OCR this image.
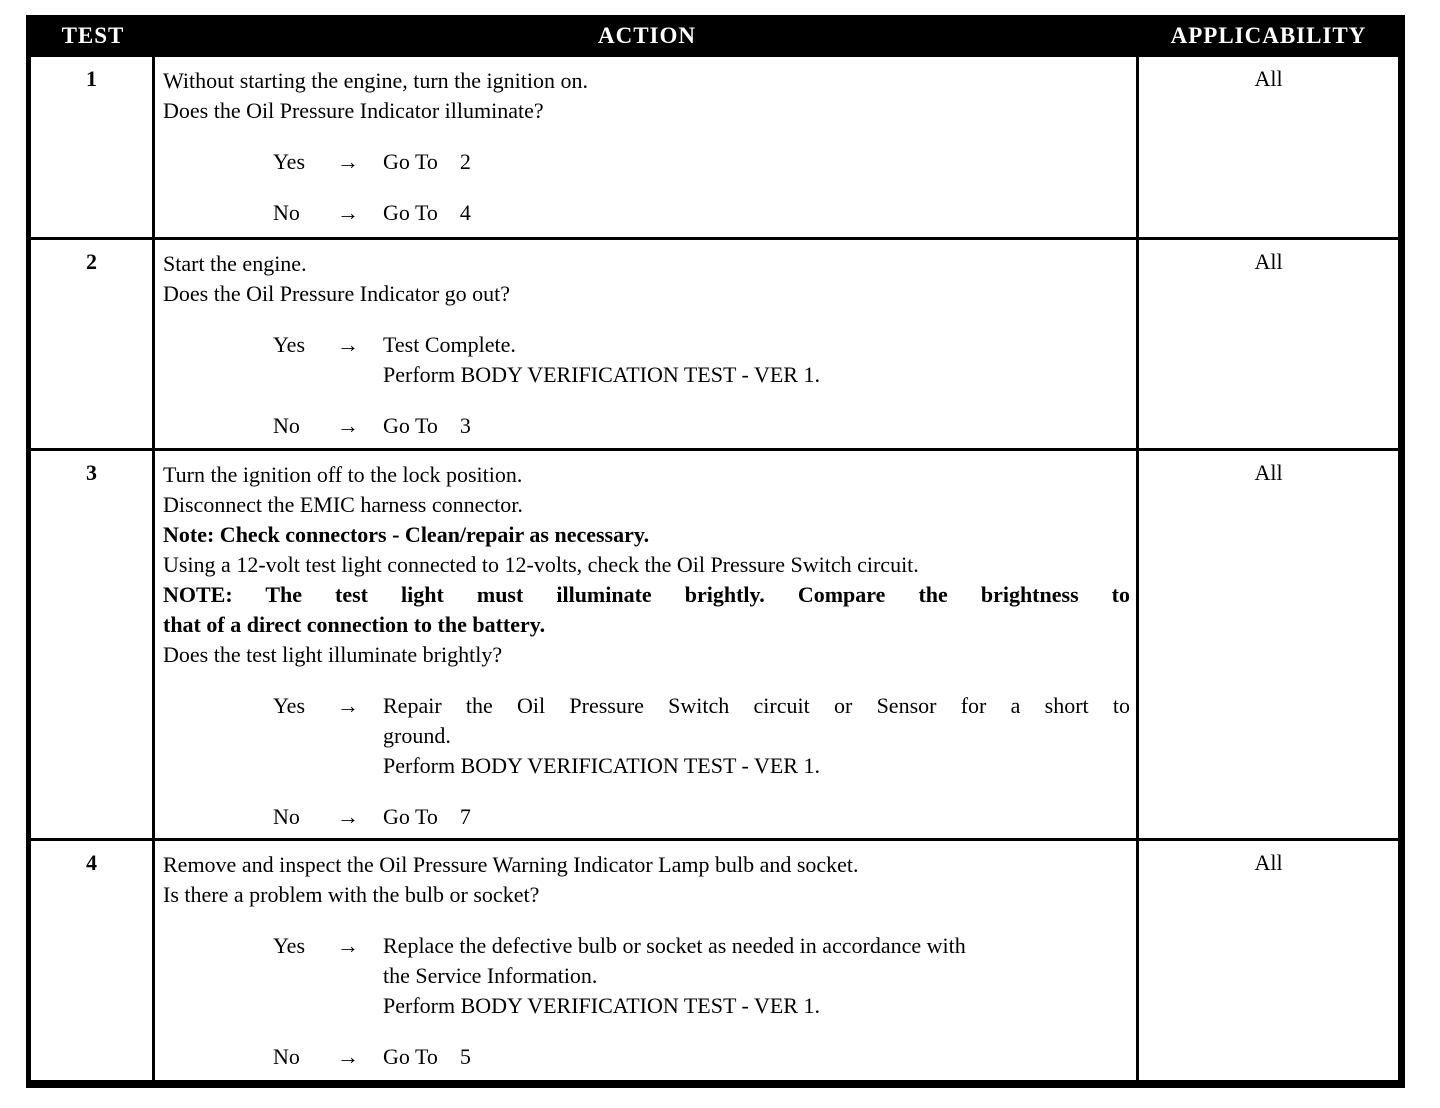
TEST	ACTION	APPLICABILITY
1	Without starting the engine, turn the ignition on.
Does the Oil Pressure Indicator illuminate?
Yes	→	Go To    2
No	→	Go To    4
All
2	Start the engine.
Does the Oil Pressure Indicator go out?
Yes	→	Test Complete.
Perform BODY VERIFICATION TEST - VER 1.
No	→	Go To    3
All
3	Turn the ignition off to the lock position.
Disconnect the EMIC harness connector.
Note: Check connectors - Clean/repair as necessary.
Using a 12-volt test light connected to 12-volts, check the Oil Pressure Switch circuit.
NOTE: The test light must illuminate brightly. Compare the brightness to
that of a direct connection to the battery.
Does the test light illuminate brightly?
Yes	→	Repair the Oil Pressure Switch circuit or Sensor for a short to
ground.
Perform BODY VERIFICATION TEST - VER 1.
No	→	Go To    7
All
4	Remove and inspect the Oil Pressure Warning Indicator Lamp bulb and socket.
Is there a problem with the bulb or socket?
Yes	→	Replace the defective bulb or socket as needed in accordance with
the Service Information.
Perform BODY VERIFICATION TEST - VER 1.
No	→	Go To    5
All
